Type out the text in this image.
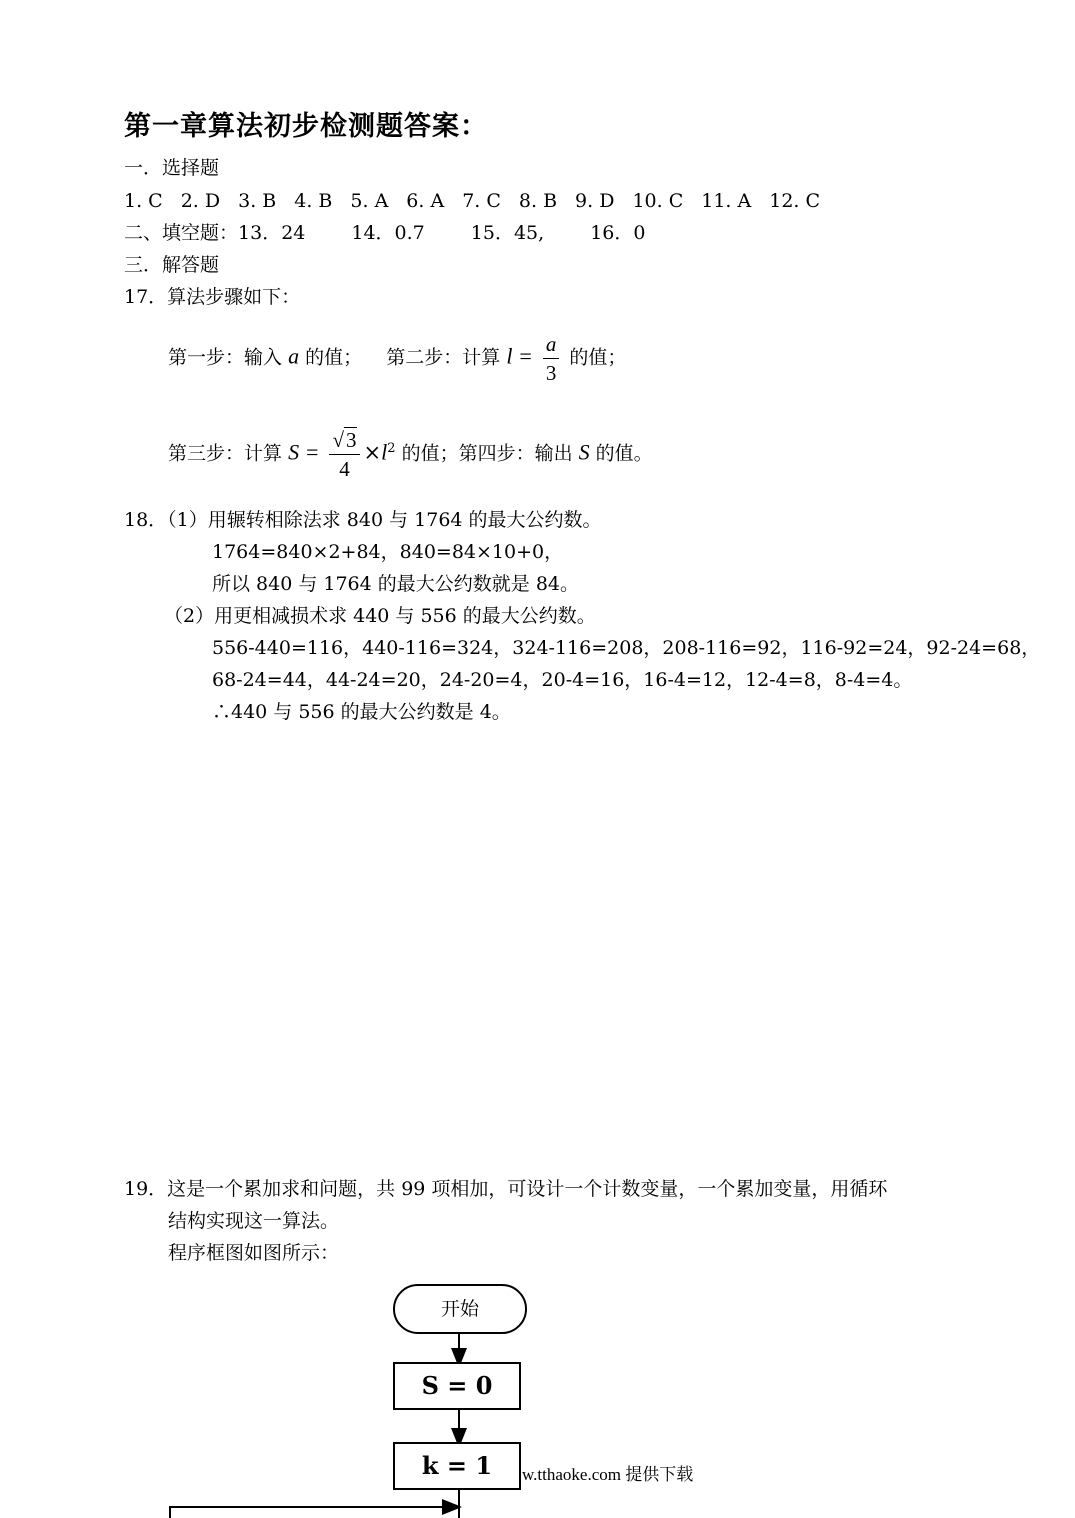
第一章算法初步检测题答案：
一．选择题
1. C 2. D 3. B 4. B 5. A 6. A 7. C 8. B 9. D 10. C 11. A 12. C
二、填空题：13．24 14．0.7 15．45, 16．0
三．解答题
17．算法步骤如下：
第一步：输入 a 的值； 第二步：计算 $l = \frac{a}{3}$ 的值；
第三步：计算 $S = \frac{√3}{4} \times l^2$ 的值；第四步：输出 S 的值。
18．（1）用辗转相除法求 840 与 1764 的最大公约数。
1764=840×2+84，840=84×10+0，
所以 840 与 1764 的最大公约数就是 84。
（2）用更相减损术求 440 与 556 的最大公约数。
556-440=116，440-116=324，324-116=208，208-116=92，116-92=24，92-24=68，
68-24=44，44-24=20，24-20=4，20-4=16，16-4=12，12-4=8，8-4=4。
∴440 与 556 的最大公约数是 4。
19．这是一个累加求和问题，共 99 项相加，可设计一个计数变量，一个累加变量，用循环
结构实现这一算法。
程序框图如图所示：
开始
S = 0
k = 1	w.tthaoke.com 提供下载
